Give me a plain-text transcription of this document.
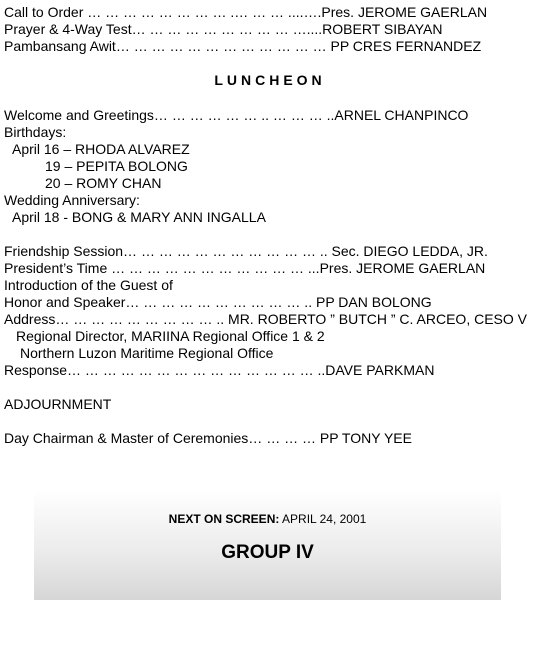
Call to Order … … … … … … … … .… … … ....….Pres. JEROME GAERLAN
Prayer & 4-Way Test… … … … … … … … … …....ROBERT SIBAYAN
Pambansang Awit… … … … … … … … … … … … PP CRES FERNANDEZ
LUNCHEON
Welcome and Greetings… … … … … … .. … … … ..ARNEL CHANPINCO
Birthdays:
April 16 – RHODA ALVAREZ
19 – PEPITA BOLONG
20 – ROMY CHAN
Wedding Anniversary:
April 18 - BONG & MARY ANN INGALLA
Friendship Session… … … … … … … … … … … .. Sec. DIEGO LEDDA, JR.
President’s Time … … … … … … … … … … … ...Pres. JEROME GAERLAN
Introduction of the Guest of
Honor and Speaker… … … … … … … … … … .. PP DAN BOLONG
Address… … … … … … … … … .. MR. ROBERTO ” BUTCH ” C. ARCEO, CESO V
Regional Director, MARIINA Regional Office 1 & 2
Northern Luzon Maritime Regional Office
Response… … … … … … … … … … … … … … ..DAVE PARKMAN
ADJOURNMENT
Day Chairman & Master of Ceremonies… … … … PP TONY YEE
NEXT ON SCREEN: APRIL 24, 2001
GROUP IV
